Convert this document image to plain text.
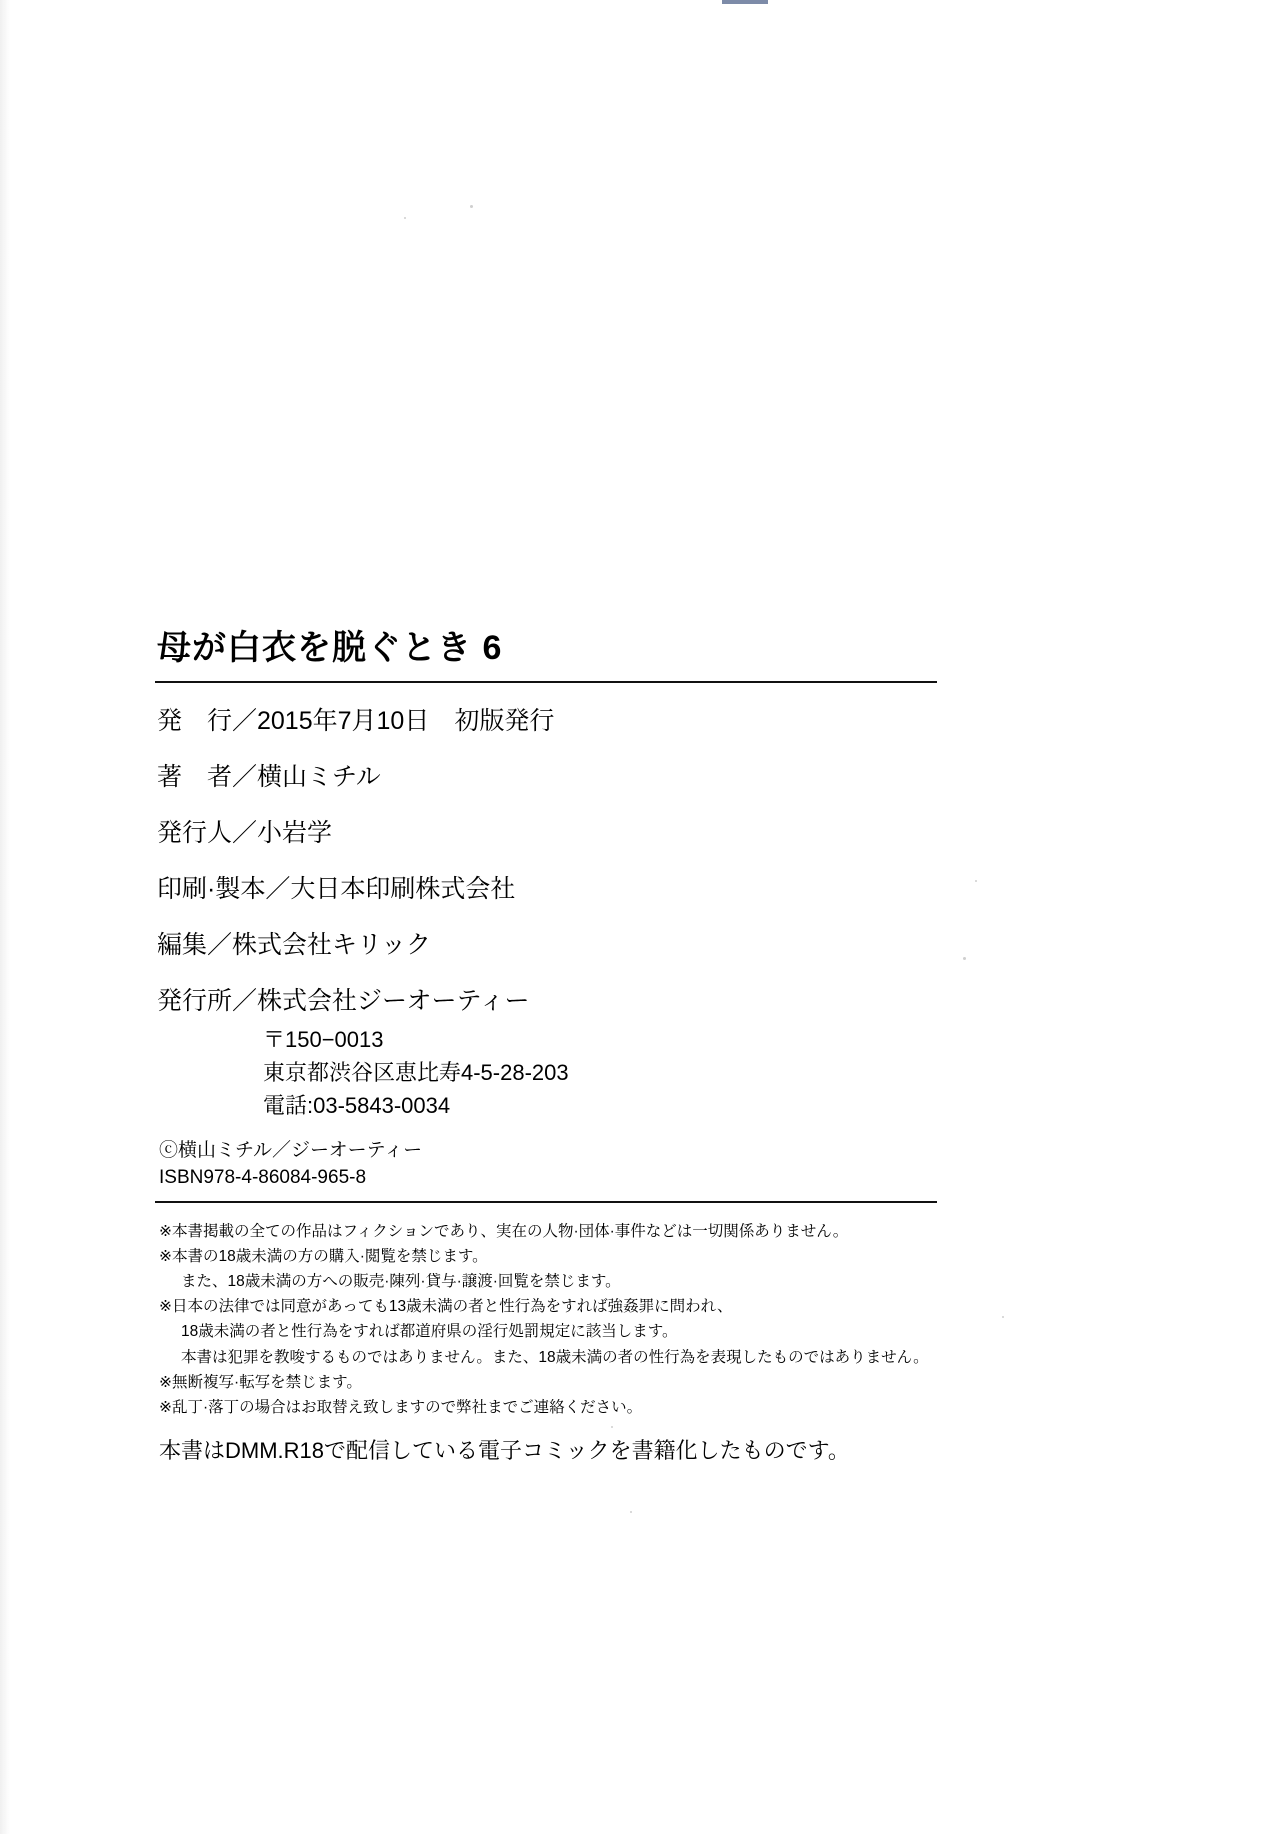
母が白衣を脱ぐとき 6

発　行／2015年7月10日　初版発行

著　者／横山ミチル

発行人／小岩学

印刷·製本／大日本印刷株式会社

編集／株式会社キリック

発行所／株式会社ジーオーティー

〒150−0013

東京都渋谷区恵比寿4-5-28-203

電話:03-5843-0034

ⓒ横山ミチル／ジーオーティー

ISBN978-4-86084-965-8

※本書掲載の全ての作品はフィクションであり、実在の人物·団体·事件などは一切関係ありません。

※本書の18歳未満の方の購入·閲覧を禁じます。

また、18歳未満の方への販売·陳列·貸与·譲渡·回覧を禁じます。

※日本の法律では同意があっても13歳未満の者と性行為をすれば強姦罪に問われ、

18歳未満の者と性行為をすれば都道府県の淫行処罰規定に該当します。

本書は犯罪を教唆するものではありません。また、18歳未満の者の性行為を表現したものではありません。

※無断複写·転写を禁じます。

※乱丁·落丁の場合はお取替え致しますので弊社までご連絡ください。

本書はDMM.R18で配信している電子コミックを書籍化したものです。
